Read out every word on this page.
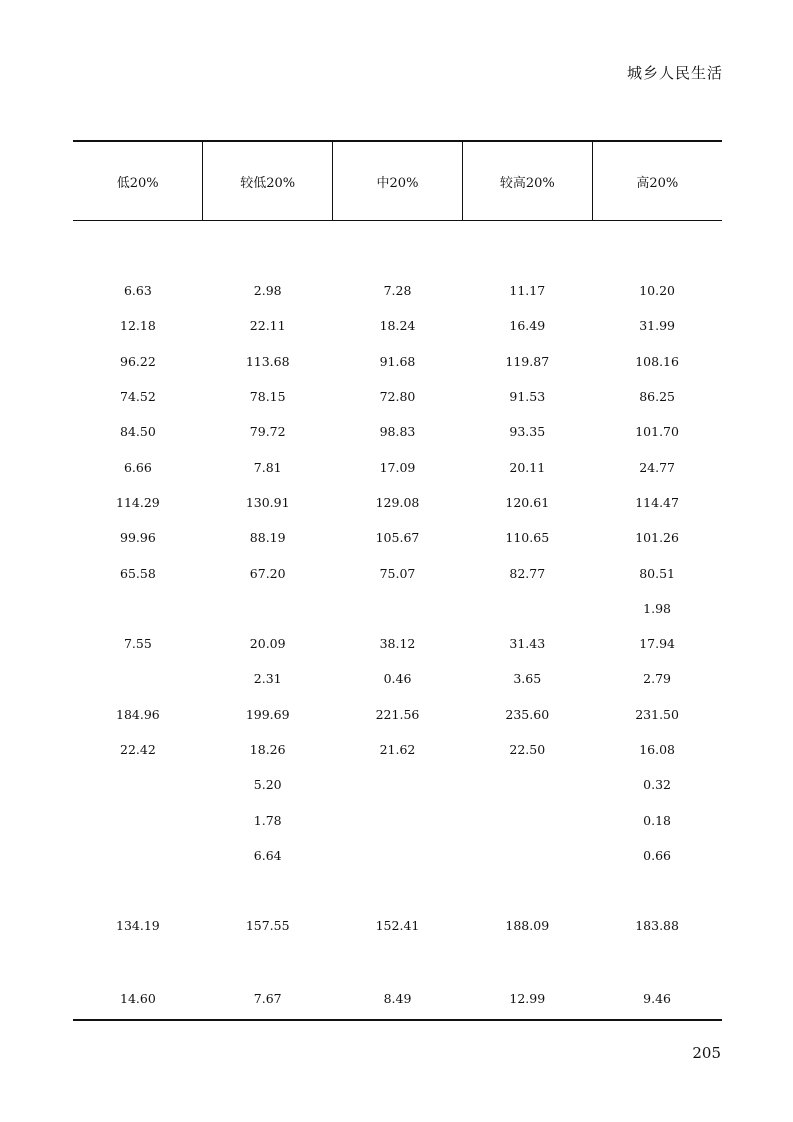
城乡人民生活
低20%	较低20%	中20%	较高20%	高20%

6.63	2.98	7.28	11.17	10.20
12.18	22.11	18.24	16.49	31.99
96.22	113.68	91.68	119.87	108.16
74.52	78.15	72.80	91.53	86.25
84.50	79.72	98.83	93.35	101.70
6.66	7.81	17.09	20.11	24.77
114.29	130.91	129.08	120.61	114.47
99.96	88.19	105.67	110.65	101.26
65.58	67.20	75.07	82.77	80.51
				1.98
7.55	20.09	38.12	31.43	17.94
	2.31	0.46	3.65	2.79
184.96	199.69	221.56	235.60	231.50
22.42	18.26	21.62	22.50	16.08
	5.20			0.32
	1.78			0.18
	6.64			0.66

134.19	157.55	152.41	188.09	183.88

14.60	7.67	8.49	12.99	9.46
205
